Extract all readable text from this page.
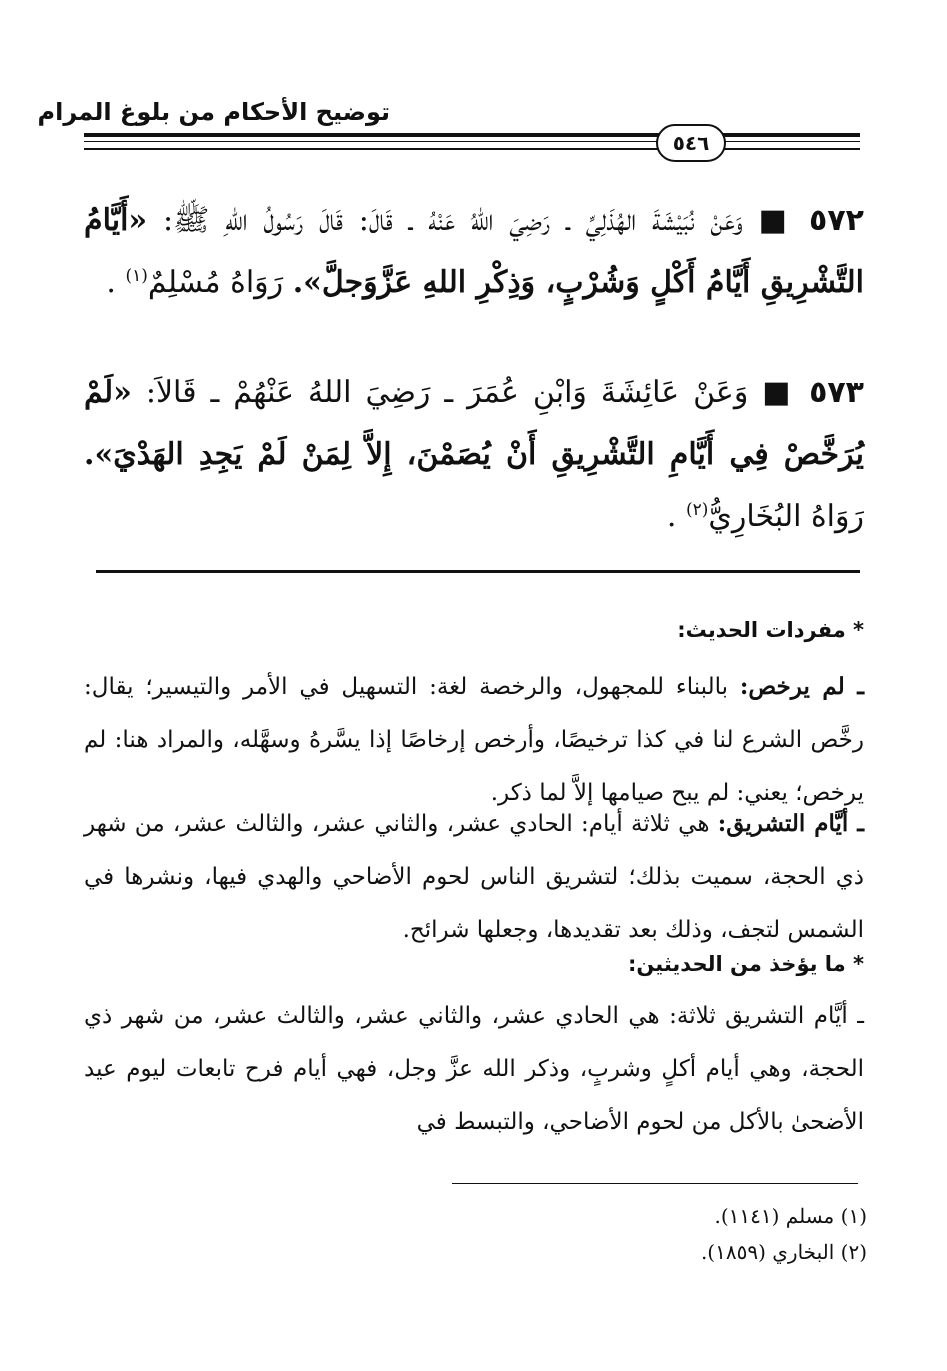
توضيح الأحكام من بلوغ المرام
٥٤٦
٥٧٢ ■ وَعَنْ نُبَيْشَةَ الهُذَلِيِّ ـ رَضِيَ اللهُ عَنْهُ ـ قَالَ: قَالَ رَسُولُ اللهِ ﷺ: «أَيَّامُ التَّشْرِيقِ أَيَّامُ أَكْلٍ وَشُرْبٍ، وَذِكْرِ اللهِ عَزَّوَجلَّ». رَوَاهُ مُسْلِمٌ$^{(١)}$ .
٥٧٣ ■ وَعَنْ عَائِشَةَ وَابْنِ عُمَرَ ـ رَضِيَ اللهُ عَنْهُمْ ـ قَالاَ: «لَمْ يُرَخَّصْ فِي أَيَّامِ التَّشْرِيقِ أَنْ يُصَمْنَ، إِلاَّ لِمَنْ لَمْ يَجِدِ الهَدْيَ». رَوَاهُ البُخَارِيُّ$^{(٢)}$ .
* مفردات الحديث:
ـ لم يرخص: بالبناء للمجهول، والرخصة لغة: التسهيل في الأمر والتيسير؛ يقال: رخَّص الشرع لنا في كذا ترخيصًا، وأرخص إرخاصًا إذا يسَّرهُ وسهَّله، والمراد هنا: لم يرخص؛ يعني: لم يبح صيامها إلاَّ لما ذكر.
ـ أيَّام التشريق: هي ثلاثة أيام: الحادي عشر، والثاني عشر، والثالث عشر، من شهر ذي الحجة، سميت بذلك؛ لتشريق الناس لحوم الأضاحي والهدي فيها، ونشرها في الشمس لتجف، وذلك بعد تقديدها، وجعلها شرائح.
* ما يؤخذ من الحديثين:
ـ أيَّام التشريق ثلاثة: هي الحادي عشر، والثاني عشر، والثالث عشر، من شهر ذي الحجة، وهي أيام أكلٍ وشربٍ، وذكر الله عزَّ وجل، فهي أيام فرح تابعات ليوم عيد الأضحىٰ بالأكل من لحوم الأضاحي، والتبسط في
(١) مسلم (١١٤١).
(٢) البخاري (١٨٥٩).
